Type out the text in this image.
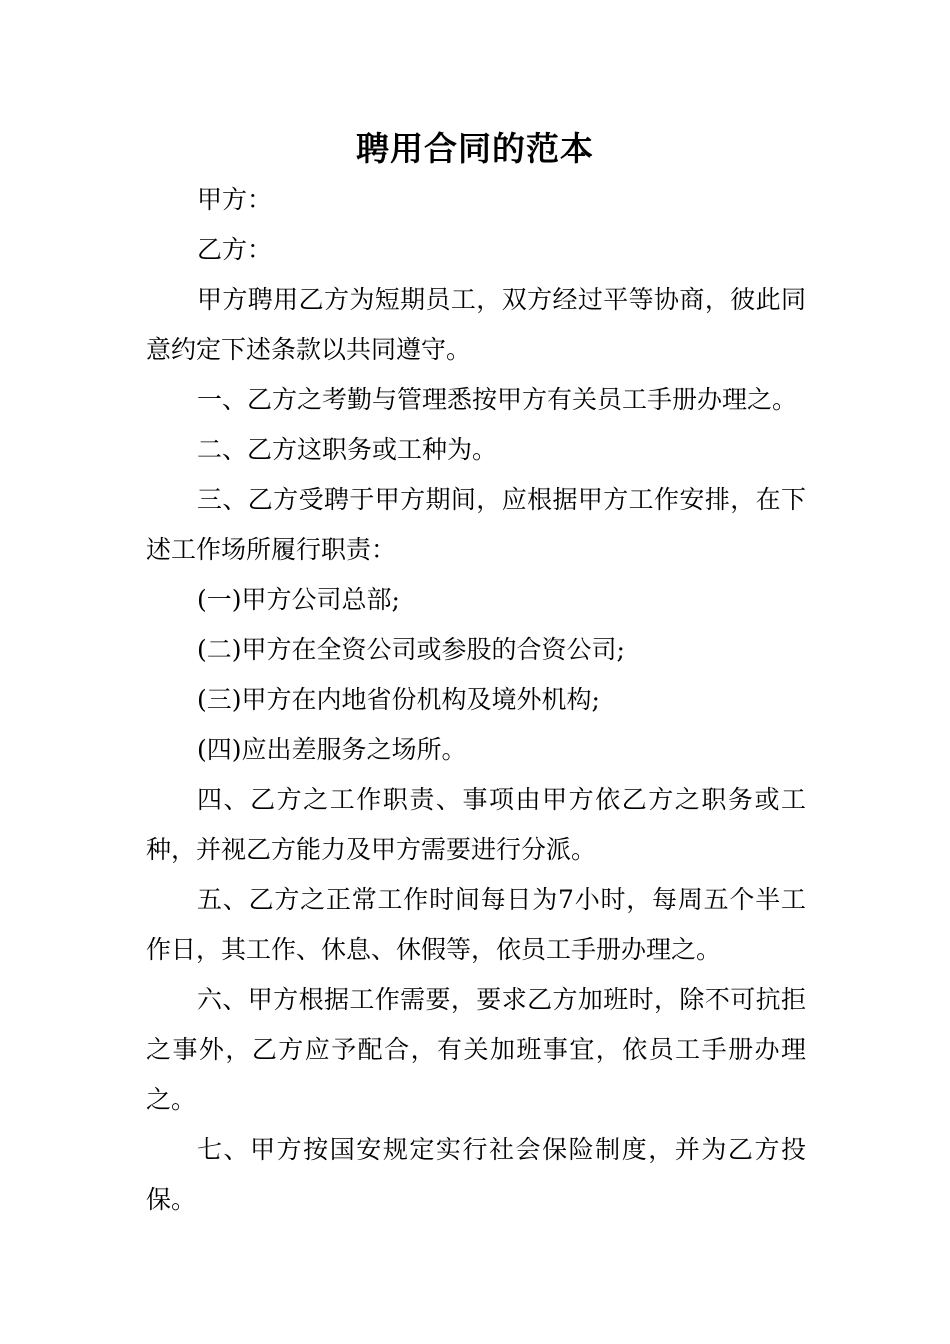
聘用合同的范本

甲方：

乙方：

甲方聘用乙方为短期员工，双方经过平等协商，彼此同意约定下述条款以共同遵守。

一、乙方之考勤与管理悉按甲方有关员工手册办理之。

二、乙方这职务或工种为。

三、乙方受聘于甲方期间，应根据甲方工作安排，在下述工作场所履行职责：

(一)甲方公司总部;

(二)甲方在全资公司或参股的合资公司;

(三)甲方在内地省份机构及境外机构;

(四)应出差服务之场所。

四、乙方之工作职责、事项由甲方依乙方之职务或工种，并视乙方能力及甲方需要进行分派。

五、乙方之正常工作时间每日为7小时，每周五个半工作日，其工作、休息、休假等，依员工手册办理之。

六、甲方根据工作需要，要求乙方加班时，除不可抗拒之事外，乙方应予配合，有关加班事宜，依员工手册办理之。

七、甲方按国安规定实行社会保险制度，并为乙方投保。
